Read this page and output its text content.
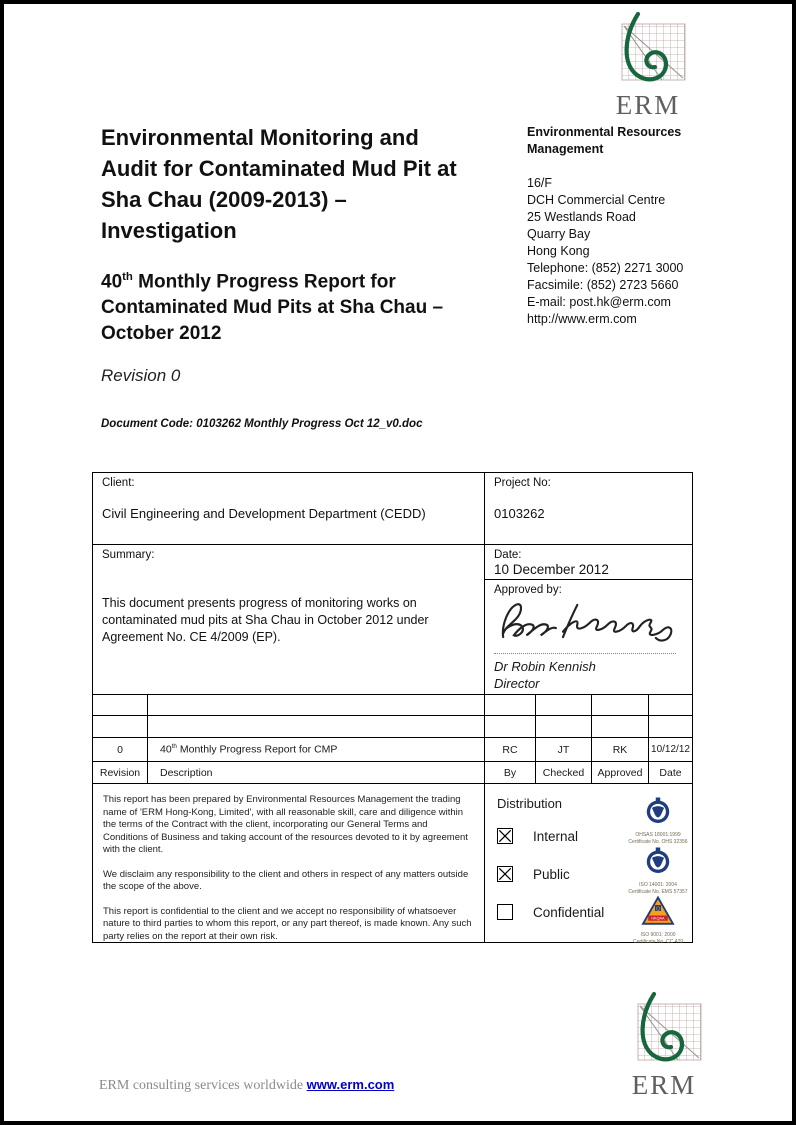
ERM
Environmental Monitoring and
Audit for Contaminated Mud Pit at
Sha Chau (2009-2013) –
Investigation
40th Monthly Progress Report for
Contaminated Mud Pits at Sha Chau –
October 2012
Revision 0
Document Code: 0103262 Monthly Progress Oct 12_v0.doc
Environmental Resources
Management
16/F
DCH Commercial Centre
25 Westlands Road
Quarry Bay
Hong Kong
Telephone: (852) 2271 3000
Facsimile: (852) 2723 5660
E-mail: post.hk@erm.com
http://www.erm.com
Client:
Civil Engineering and Development Department (CEDD)
Project No:
0103262
Summary:
This document presents progress of monitoring works on contaminated mud pits at Sha Chau in October 2012 under Agreement No. CE 4/2009 (EP).
Date:
10 December 2012
Approved by:
Dr Robin Kennish
Director
0	40th Monthly Progress Report for CMP	RC	JT	RK	10/12/12
Revision	Description	By	Checked	Approved	Date

This report has been prepared by Environmental Resources Management the trading name of 'ERM Hong-Kong, Limited', with all reasonable skill, care and diligence within the terms of the Contract with the client, incorporating our General Terms and Conditions of Business and taking account of the resources devoted to it by agreement with the client.

We disclaim any responsibility to the client and others in respect of any matters outside the scope of the above.

This report is confidential to the client and we accept no responsibility of whatsoever nature to third parties to whom this report, or any part thereof, is made known. Any such party relies on the report at their own risk.

Distribution
Internal
Public
Confidential
OHSAS 18001:1999
Certificate No. OHS 32356
ISO 14001: 2004
Certificate No. EMS 57357
Q
HKQAA
ISO 9001: 2000
Certificate No. CC 479
ERM
ERM consulting services worldwide www.erm.com
